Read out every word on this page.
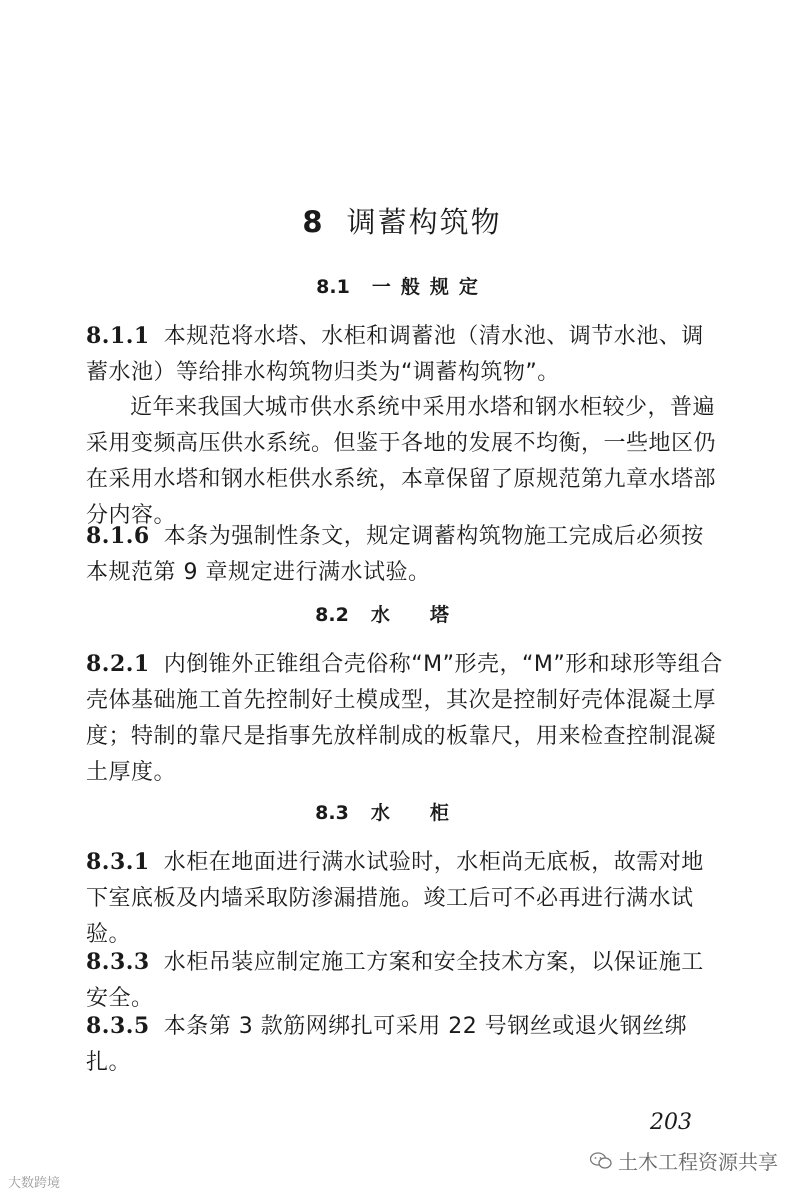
8 调蓄构筑物
8.1 一般规定
8.1.1 本规范将水塔、水柜和调蓄池（清水池、调节水池、调蓄水池）等给排水构筑物归类为“调蓄构筑物”。
近年来我国大城市供水系统中采用水塔和钢水柜较少，普遍采用变频高压供水系统。但鉴于各地的发展不均衡，一些地区仍在采用水塔和钢水柜供水系统，本章保留了原规范第九章水塔部分内容。
8.1.6 本条为强制性条文，规定调蓄构筑物施工完成后必须按本规范第 9 章规定进行满水试验。
8.2 水塔
8.2.1 内倒锥外正锥组合壳俗称“M”形壳，“M”形和球形等组合壳体基础施工首先控制好土模成型，其次是控制好壳体混凝土厚度；特制的靠尺是指事先放样制成的板靠尺，用来检查控制混凝土厚度。
8.3 水柜
8.3.1 水柜在地面进行满水试验时，水柜尚无底板，故需对地下室底板及内墙采取防渗漏措施。竣工后可不必再进行满水试验。
8.3.3 水柜吊装应制定施工方案和安全技术方案，以保证施工安全。
8.3.5 本条第 3 款筋网绑扎可采用 22 号钢丝或退火钢丝绑扎。
203
大数跨境
土木工程资源共享
